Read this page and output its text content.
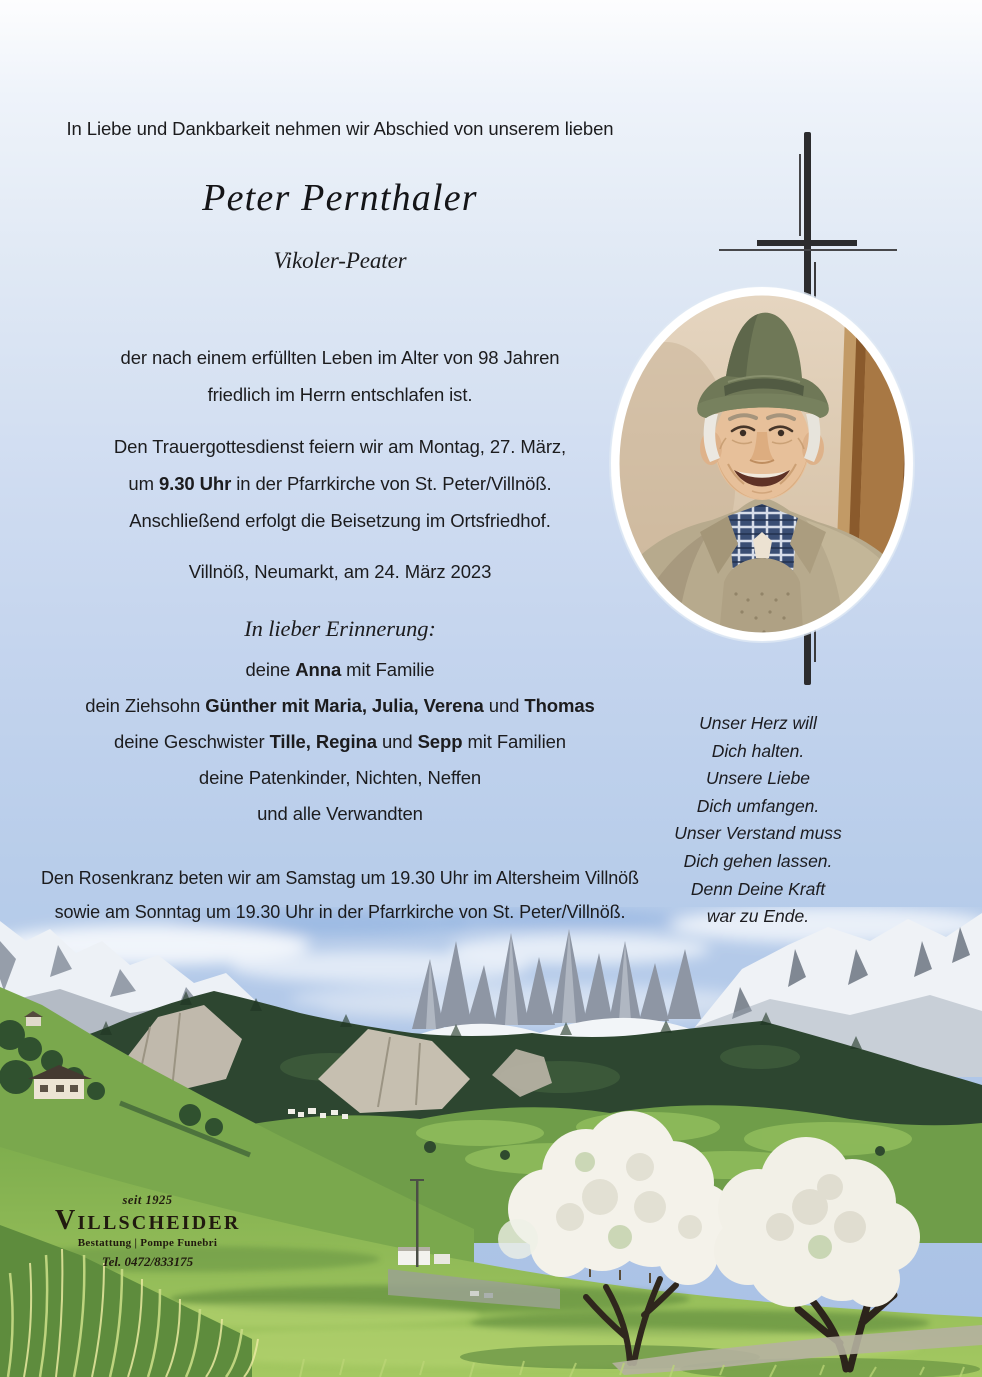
In Liebe und Dankbarkeit nehmen wir Abschied von unserem lieben
Peter Pernthaler
Vikoler-Peater
der nach einem erfüllten Leben im Alter von 98 Jahren
friedlich im Herrn entschlafen ist.
Den Trauergottesdienst feiern wir am Montag, 27. März,
um 9.30 Uhr in der Pfarrkirche von St. Peter/Villnöß.
Anschließend erfolgt die Beisetzung im Ortsfriedhof.
Villnöß, Neumarkt, am 24. März 2023
In lieber Erinnerung:
deine Anna mit Familie
dein Ziehsohn Günther mit Maria, Julia, Verena und Thomas
deine Geschwister Tille, Regina und Sepp mit Familien
deine Patenkinder, Nichten, Neffen
und alle Verwandten
Den Rosenkranz beten wir am Samstag um 19.30 Uhr im Altersheim Villnöß
sowie am Sonntag um 19.30 Uhr in der Pfarrkirche von St. Peter/Villnöß.
Unser Herz will
Dich halten.
Unsere Liebe
Dich umfangen.
Unser Verstand muss
Dich gehen lassen.
Denn Deine Kraft
war zu Ende.
seit 1925
VILLSCHEIDER
Bestattung | Pompe Funebri
Tel. 0472/833175
